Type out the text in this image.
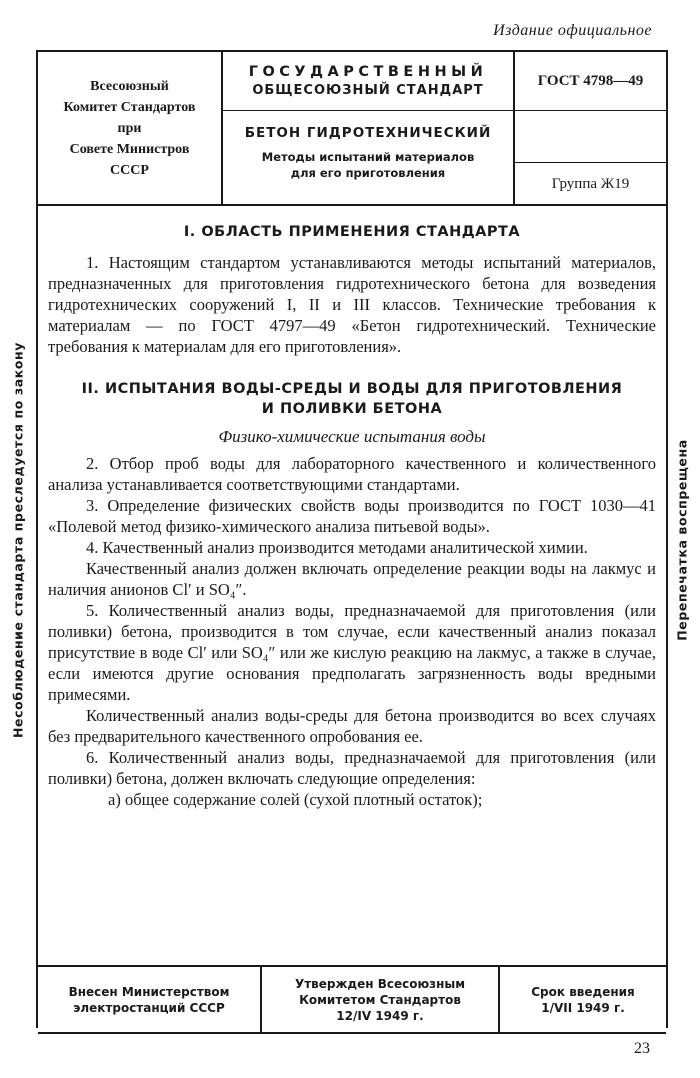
Издание официальное
Несоблюдение стандарта преследуется по закону	Перепечатка воспрещена
Всесоюзный
Комитет Стандартов
при
Совете Министров
СССР
ГОСУДАРСТВЕННЫЙ
ОБЩЕСОЮЗНЫЙ СТАНДАРТ
БЕТОН ГИДРОТЕХНИЧЕСКИЙ
Методы испытаний материалов
для его приготовления
ГОСТ 4798—49
Группа Ж19
I. ОБЛАСТЬ ПРИМЕНЕНИЯ СТАНДАРТА

1. Настоящим стандартом устанавливаются методы испытаний материалов, предназначенных для приготовления гидротехнического бетона для возведения гидротехнических сооружений I, II и III классов. Технические требования к материалам — по ГОСТ 4797—49 «Бетон гидротехнический. Технические требования к материалам для его приготовления».

II. ИСПЫТАНИЯ ВОДЫ-СРЕДЫ И ВОДЫ ДЛЯ ПРИГОТОВЛЕНИЯ
И ПОЛИВКИ БЕТОНА
Физико-химические испытания воды

2. Отбор проб воды для лабораторного качественного и количественного анализа устанавливается соответствующими стандартами.

3. Определение физических свойств воды производится по ГОСТ 1030—41 «Полевой метод физико-химического анализа питьевой воды».

4. Качественный анализ производится методами аналитической химии.

Качественный анализ должен включать определение реакции воды на лакмус и наличия анионов Cl′ и SO₄″.

5. Количественный анализ воды, предназначаемой для приготовления (или поливки) бетона, производится в том случае, если качественный анализ показал присутствие в воде Cl′ или SO₄″ или же кислую реакцию на лакмус, а также в случае, если имеются другие основания предполагать загрязненность воды вредными примесями.

Количественный анализ воды-среды для бетона производится во всех случаях без предварительного качественного опробования ее.

6. Количественный анализ воды, предназначаемой для приготовления (или поливки) бетона, должен включать следующие определения:

а) общее содержание солей (сухой плотный остаток);

Внесен Министерством
электростанций СССР
Утвержден Всесоюзным
Комитетом Стандартов
12/IV 1949 г.
Срок введения
1/VII 1949 г.
23
